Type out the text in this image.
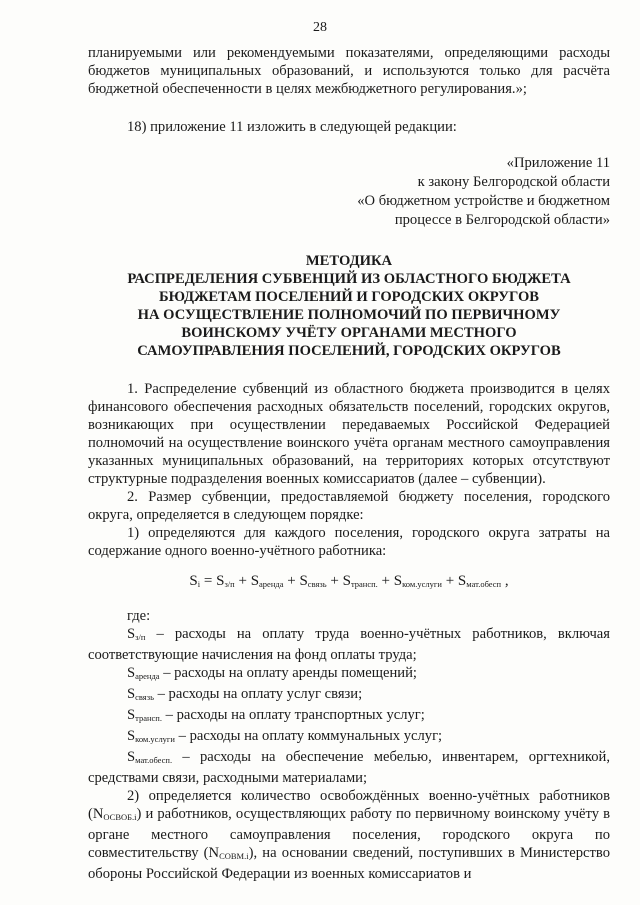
28

планируемыми или рекомендуемыми показателями, определяющими расходы бюджетов муниципальных образований, и используются только для расчёта бюджетной обеспеченности в целях межбюджетного регулирования.»;

18) приложение 11 изложить в следующей редакции:

«Приложение 11
к закону Белгородской области
«О бюджетном устройстве и бюджетном
процессе в Белгородской области»
МЕТОДИКА
РАСПРЕДЕЛЕНИЯ СУБВЕНЦИЙ ИЗ ОБЛАСТНОГО БЮДЖЕТА
БЮДЖЕТАМ ПОСЕЛЕНИЙ И ГОРОДСКИХ ОКРУГОВ
НА ОСУЩЕСТВЛЕНИЕ ПОЛНОМОЧИЙ ПО ПЕРВИЧНОМУ
ВОИНСКОМУ УЧЁТУ ОРГАНАМИ МЕСТНОГО
САМОУПРАВЛЕНИЯ ПОСЕЛЕНИЙ, ГОРОДСКИХ ОКРУГОВ

1. Распределение субвенций из областного бюджета производится в целях финансового обеспечения расходных обязательств поселений, городских округов, возникающих при осуществлении передаваемых Российской Федерацией полномочий на осуществление воинского учёта органам местного самоуправления указанных муниципальных образований, на территориях которых отсутствуют структурные подразделения военных комиссариатов (далее – субвенции).

2. Размер субвенции, предоставляемой бюджету поселения, городского округа, определяется в следующем порядке:

1) определяются для каждого поселения, городского округа затраты на содержание одного военно-учётного работника:

$S_i = S_{з/п} + S_{аренда} + S_{связь} + S_{трансп.} + S_{ком.услуги} + S_{мат.обесп}$ ,

где:

$S_{з/п}$ – расходы на оплату труда военно-учётных работников, включая соответствующие начисления на фонд оплаты труда;

$S_{аренда}$ – расходы на оплату аренды помещений;

$S_{связь}$ – расходы на оплату услуг связи;

$S_{трансп.}$ – расходы на оплату транспортных услуг;

$S_{ком.услуги}$ – расходы на оплату коммунальных услуг;

$S_{мат.обесп.}$ – расходы на обеспечение мебелью, инвентарем, оргтехникой, средствами связи, расходными материалами;

2) определяется количество освобождённых военно-учётных работников $(N_{ОСВОБ.i})$ и работников, осуществляющих работу по первичному воинскому учёту в органе местного самоуправления поселения, городского округа по совместительству $(N_{СОВМ.i})$, на основании сведений, поступивших в Министерство обороны Российской Федерации из военных комиссариатов и
